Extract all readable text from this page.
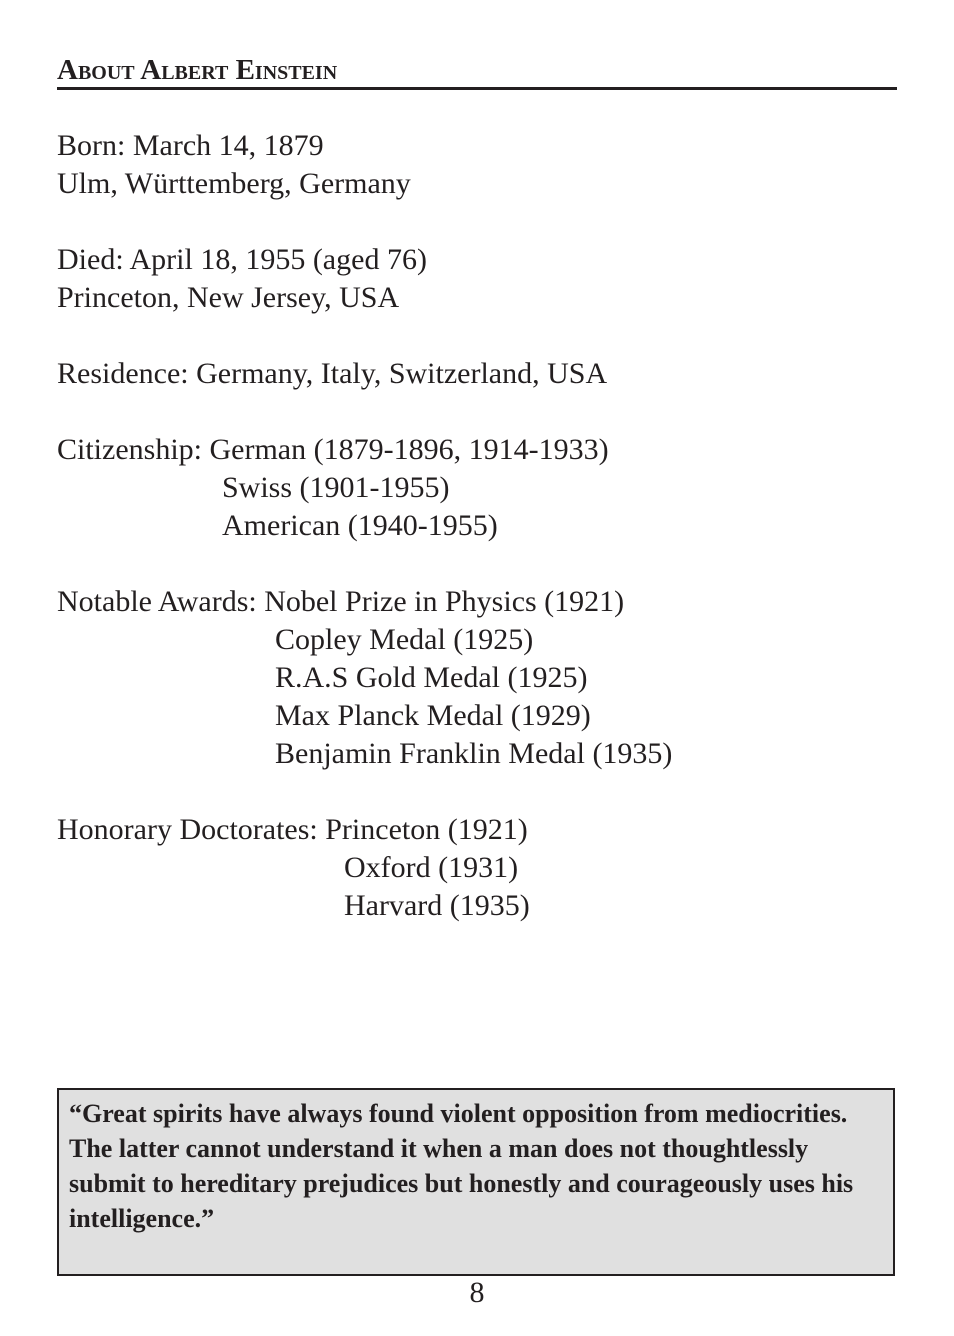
About Albert Einstein
Born: March 14, 1879
Ulm, Württemberg, Germany
Died: April 18, 1955 (aged 76)
Princeton, New Jersey, USA
Residence: Germany, Italy, Switzerland, USA
Citizenship: German (1879-1896, 1914-1933)
Swiss (1901-1955)
American (1940-1955)
Notable Awards: Nobel Prize in Physics (1921)
Copley Medal (1925)
R.A.S Gold Medal (1925)
Max Planck Medal (1929)
Benjamin Franklin Medal (1935)
Honorary Doctorates: Princeton (1921)
Oxford (1931)
Harvard (1935)
“Great spirits have always found violent opposition from mediocrities. The latter cannot understand it when a man does not thoughtlessly submit to hereditary prejudices but honestly and courageously uses his intelligence.”
8
